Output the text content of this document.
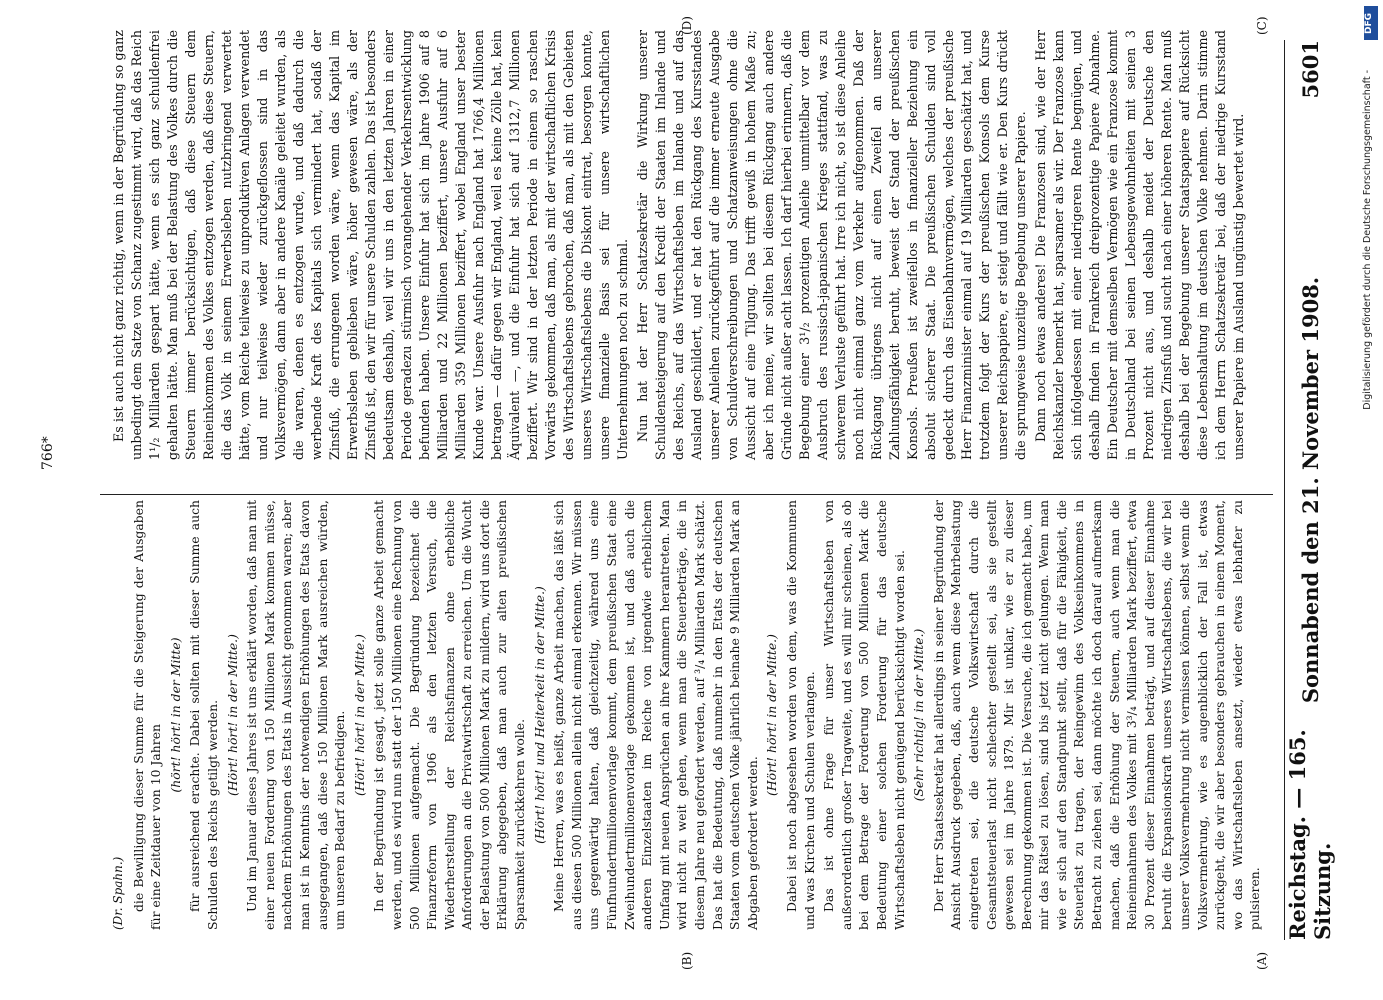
Reichstag. — 165. Sitzung.
Sonnabend den 21. November 1908.
5601
(A)
(B)
(C)
(D)

(Dr. Spahn.) die Bewilligung dieser Summe für die Steigerung der Ausgaben für eine Zeitdauer von 10 Jahren

(hört! hört! in der Mitte) für ausreichend erachte. Dabei sollten mit dieser Summe auch Schulden des Reichs getilgt werden. (Hört! hört! in der Mitte.) Und im Januar dieses Jahres ist uns erklärt worden, daß man mit einer neuen Forderung von 150 Millionen Mark kommen müsse, nachdem Erhöhungen des Etats in Aussicht genommen waren; aber man ist in Kenntnis der notwendigen Erhöhungen des Etats davon ausgegangen, daß diese 150 Millionen Mark ausreichen würden, um unseren Bedarf zu befriedigen. (Hört! hört! in der Mitte.) In der Begründung ist gesagt, jetzt solle ganze Arbeit gemacht werden, und es wird nun statt der 150 Millionen eine Rechnung von 500 Millionen aufgemacht. Die Begründung bezeichnet die Finanzreform von 1906 als den letzten Versuch, die Wiederherstellung der Reichsfinanzen ohne erhebliche Anforderungen an die Privatwirtschaft zu erreichen. Um die Wucht der Belastung von 500 Millionen Mark zu mildern, wird uns dort die Erklärung abgegeben, daß man auch zur alten preußischen Sparsamkeit zurückkehren wolle. (Hört! hört! und Heiterkeit in der Mitte.) Meine Herren, was es heißt, ganze Arbeit machen, das läßt sich aus diesen 500 Millionen allein nicht einmal erkennen. Wir müssen uns gegenwärtig halten, daß gleichzeitig, während uns eine Fünfhundertmillionenvorlage kommt, dem preußischen Staat eine Zweihundertmillionenvorlage gekommen ist, und daß auch die anderen Einzelstaaten im Reiche von irgendwie erheblichem Umfang mit neuen Ansprüchen an ihre Kammern herantreten. Man wird nicht zu weit gehen, wenn man die Steuerbeträge, die in diesem Jahre neu gefordert werden, auf ³/₄ Milliarden Mark schätzt. Das hat die Bedeutung, daß nunmehr in den Etats der deutschen Staaten vom deutschen Volke jährlich beinahe 9 Milliarden Mark an Abgaben gefordert werden.

(Hört! hört! in der Mitte.) Dabei ist noch abgesehen worden von dem, was die Kommunen und was Kirchen und Schulen verlangen. Das ist ohne Frage für unser Wirtschaftsleben von außerordentlich großer Tragweite, und es will mir scheinen, als ob bei dem Betrage der Forderung von 500 Millionen Mark die Bedeutung einer solchen Forderung für das deutsche Wirtschaftsleben nicht genügend berücksichtigt worden sei. (Sehr richtig! in der Mitte.) Der Herr Staatssekretär hat allerdings in seiner Begründung der Ansicht Ausdruck gegeben, daß, auch wenn diese Mehrbelastung eingetreten sei, die deutsche Volkswirtschaft durch die Gesamtsteuerlast nicht schlechter gestellt sei, als sie gestellt gewesen sei im Jahre 1879. Mir ist unklar, wie er zu dieser Berechnung gekommen ist. Die Versuche, die ich gemacht habe, um mir das Rätsel zu lösen, sind bis jetzt nicht gelungen. Wenn man wie er sich auf den Standpunkt stellt, daß für die Fähigkeit, die Steuerlast zu tragen, der Reingewinn des Volkseinkommens in Betracht zu ziehen sei, dann möchte ich doch darauf aufmerksam machen, daß die Erhöhung der Steuern, auch wenn man die Reineinnahmen des Volkes mit 3³/₄ Milliarden Mark beziffert, etwa 30 Prozent dieser Einnahmen beträgt, und auf dieser Einnahme beruht die Expansionskraft unseres Wirtschaftslebens, die wir bei unserer Volksvermehrung nicht vermissen können, selbst wenn die Volksvermehrung, wie es augenblicklich der Fall ist, etwas zurückgeht, die wir aber besonders gebrauchen in einem Moment, wo das Wirtschaftsleben ansetzt, wieder etwas lebhafter zu pulsieren.

Es ist auch nicht ganz richtig, wenn in der Begründung so ganz unbedingt dem Satze von Schanz zugestimmt wird, daß das Reich 1¹/₂ Milliarden gespart hätte, wenn es sich ganz schuldenfrei gehalten hätte. Man muß bei der Belastung des Volkes durch die Steuern immer berücksichtigen, daß diese Steuern dem Reineinkommen des Volkes entzogen werden, daß diese Steuern, die das Volk in seinem Erwerbsleben nutzbringend verwertet hätte, vom Reiche teilweise zu unproduktiven Anlagen verwendet und nur teilweise wieder zurückgeflossen sind in das Volksvermögen, dann aber in andere Kanäle geleitet wurden, als die waren, denen es entzogen wurde, und daß dadurch die werbende Kraft des Kapitals sich vermindert hat, sodaß der Zinsfuß, die errungenen worden wäre, wenn das Kapital im Erwerbsleben geblieben wäre, höher gewesen wäre, als der Zinsfuß ist, den wir für unsere Schulden zahlen. Das ist besonders bedeutsam deshalb, weil wir uns in den letzten Jahren in einer Periode geradezu stürmisch vorangehender Verkehrsentwicklung befunden haben. Unsere Einfuhr hat sich im Jahre 1906 auf 8 Milliarden und 22 Millionen beziffert, unsere Ausfuhr auf 6 Milliarden 359 Millionen beziffert, wobei England unser bester Kunde war. Unsere Ausfuhr nach England hat 1766,4 Millionen betragen — dafür gegen wir England, weil es keine Zölle hat, kein Äquivalent —, und die Einfuhr hat sich auf 1312,7 Millionen beziffert. Wir sind in der letzten Periode in einem so raschen Vorwärts gekommen, daß man, als mit der wirtschaftlichen Krisis des Wirtschaftslebens gebrochen, daß man, als mit den Gebieten unseres Wirtschaftslebens die Diskont eintrat, besorgen konnte, unsere finanzielle Basis sei für unsere wirtschaftlichen Unternehmungen noch zu schmal. Nun hat der Herr Schatzsekretär die Wirkung unserer Schuldensteigerung auf den Kredit der Staaten im Inlande und des Reichs, auf das Wirtschaftsleben im Inlande und auf das Ausland geschildert, und er hat den Rückgang des Kursstandes unserer Anleihen zurückgeführt auf die immer erneute Ausgabe von Schuldverschreibungen und Schatzanweisungen ohne die Aussicht auf eine Tilgung. Das trifft gewiß in hohem Maße zu; aber ich meine, wir sollten bei diesem Rückgang auch andere Gründe nicht außer acht lassen. Ich darf hierbei erinnern, daß die Begebung einer 3¹/₂ prozentigen Anleihe unmittelbar vor dem Ausbruch des russisch-japanischen Krieges stattfand, was zu schwerem Verluste geführt hat. Irre ich nicht, so ist diese Anleihe noch nicht einmal ganz vom Verkehr aufgenommen. Daß der Rückgang übrigens nicht auf einen Zweifel an unserer Zahlungsfähigkeit beruht, beweist der Stand der preußischen Konsols. Preußen ist zweifellos in finanzieller Beziehung ein absolut sicherer Staat. Die preußischen Schulden sind voll gedeckt durch das Eisenbahnvermögen, welches der preußische Herr Finanzminister einmal auf 19 Milliarden geschätzt hat, und trotzdem folgt der Kurs der preußischen Konsols dem Kurse unserer Reichspapiere, er steigt und fällt wie er. Den Kurs drückt die sprungweise unzeitige Begebung unserer Papiere. Dann noch etwas anderes! Die Franzosen sind, wie der Herr Reichskanzler bemerkt hat, sparsamer als wir. Der Franzose kann sich infolgedessen mit einer niedrigeren Rente begnügen, und deshalb finden in Frankreich dreiprozentige Papiere Abnahme. Ein Deutscher mit demselben Vermögen wie ein Franzose kommt in Deutschland bei seinen Lebensgewohnheiten mit seinen 3 Prozent nicht aus, und deshalb meidet der Deutsche den niedrigen Zinsfuß und sucht nach einer höheren Rente. Man muß deshalb bei der Begebung unserer Staatspapiere auf Rücksicht diese Lebenshaltung im deutschen Volke nehmen. Darin stimme ich dem Herrn Schatzsekretär bei, daß der niedrige Kursstand unserer Papiere im Ausland ungünstig bewertet wird.

766*
DFG
Digitalisierung gefördert durch die Deutsche Forschungsgemeinschaft -
